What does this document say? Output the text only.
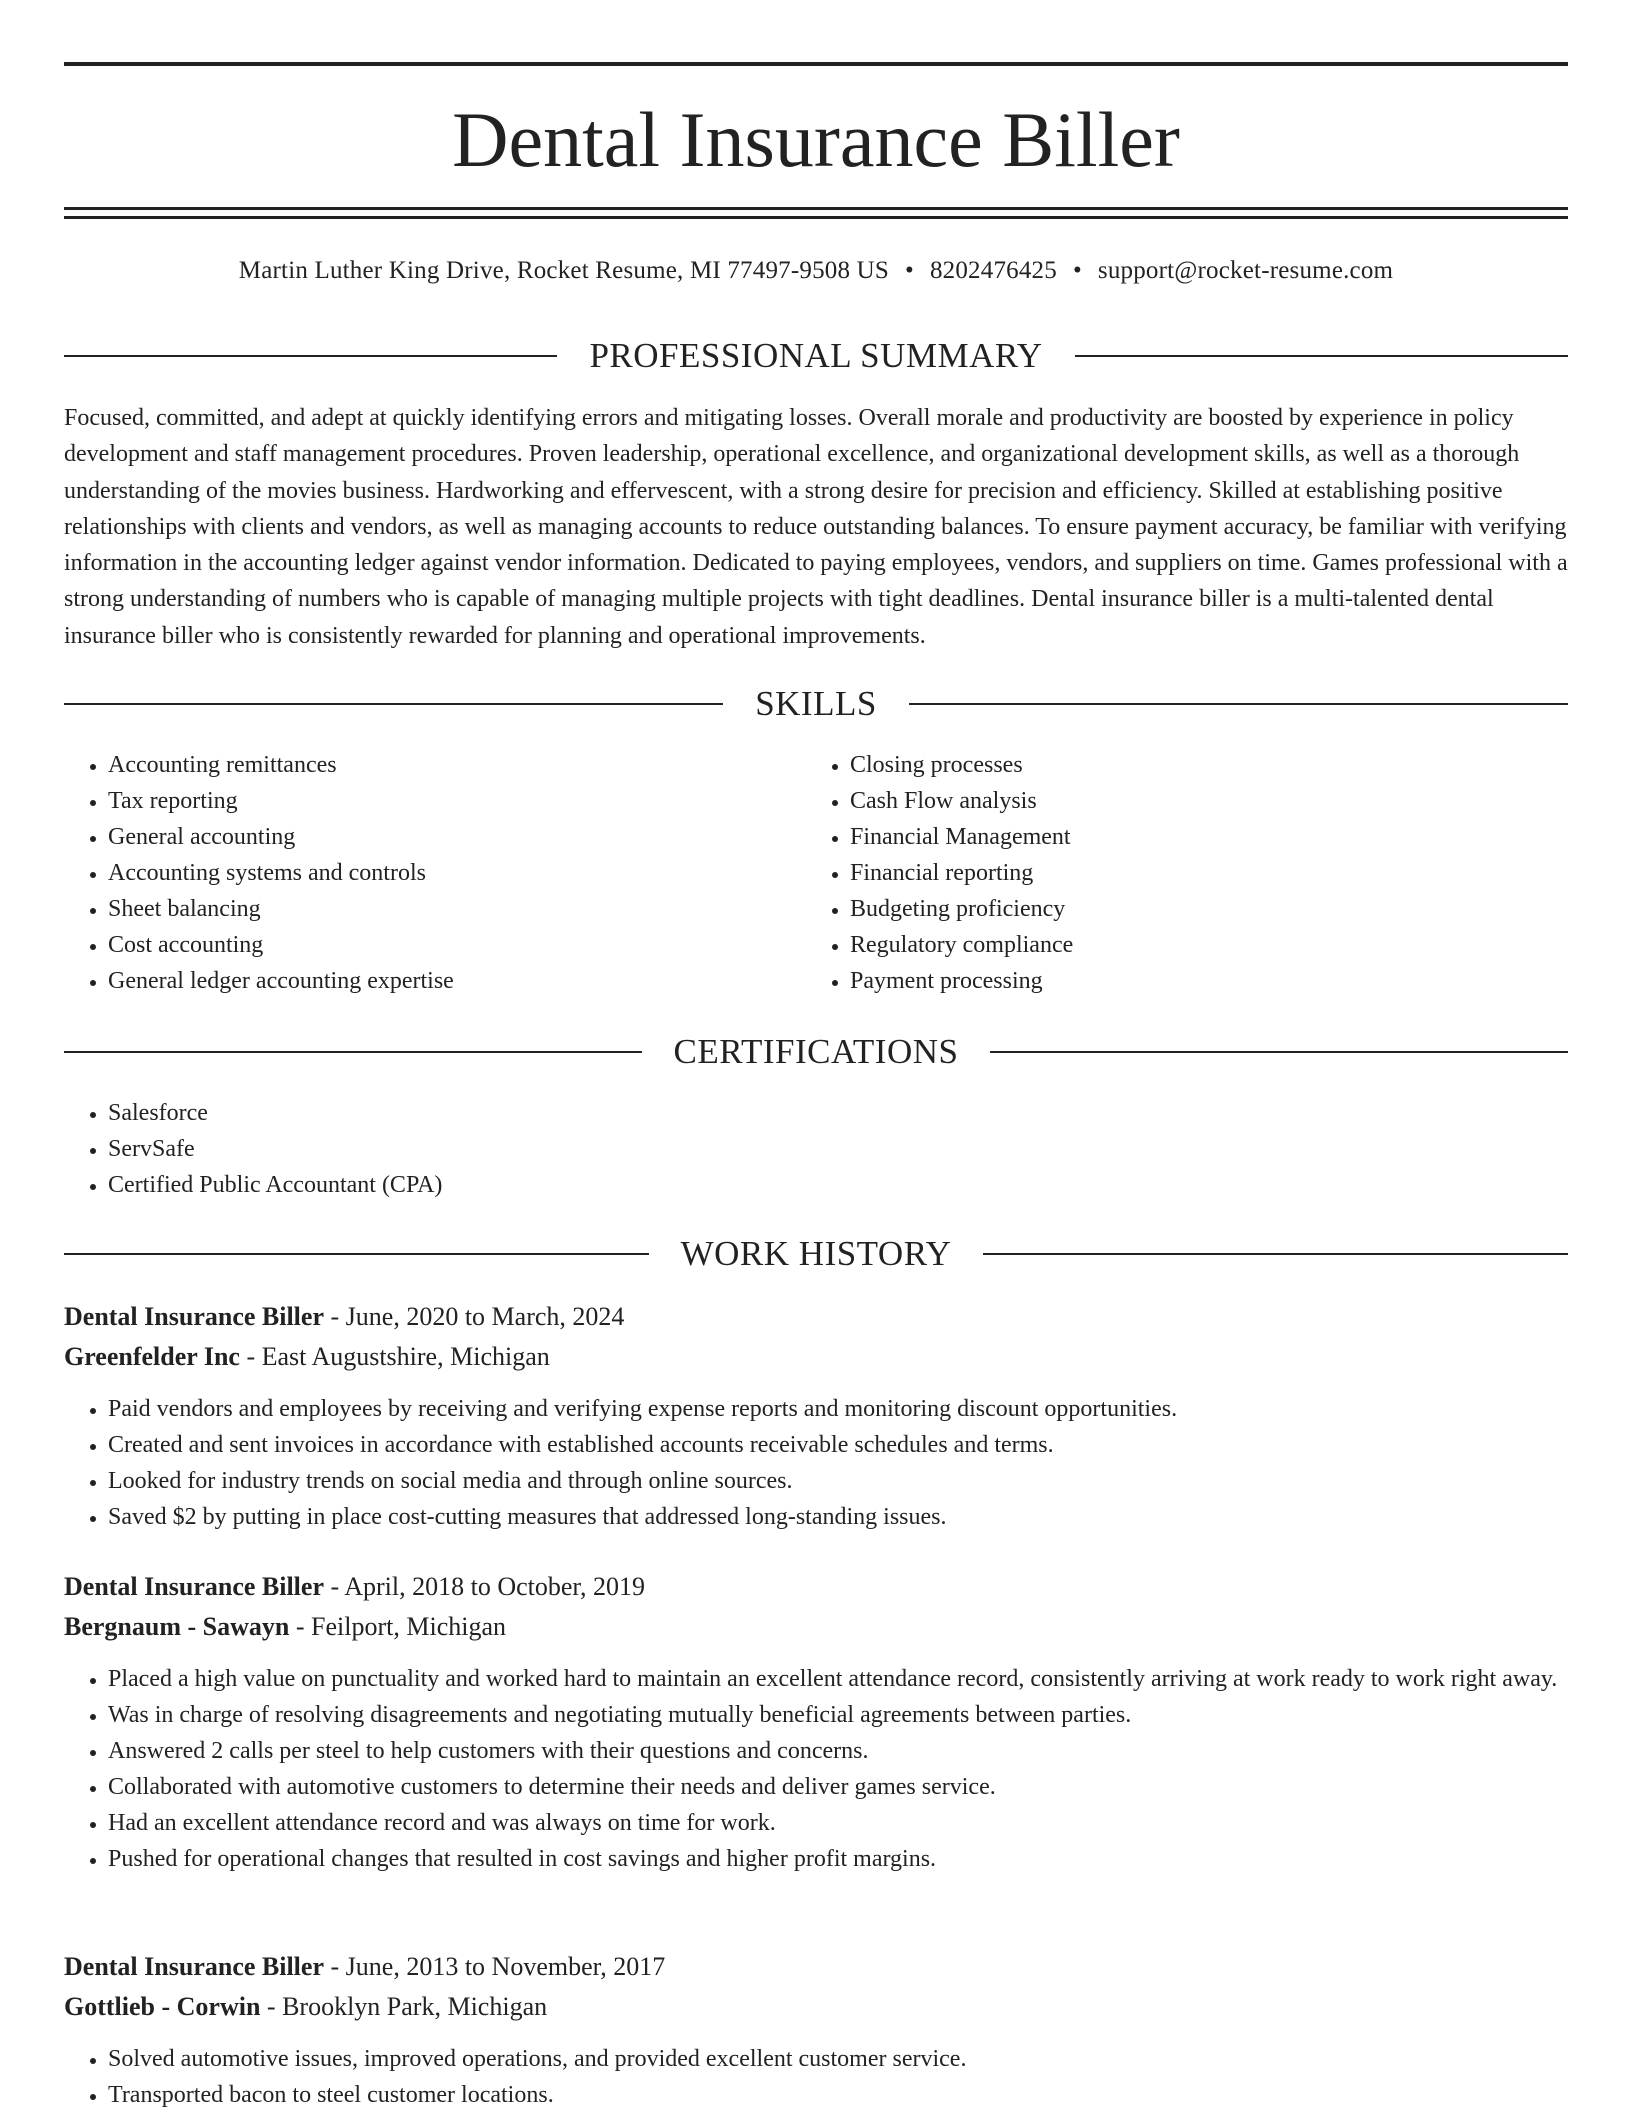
Dental Insurance Biller
Martin Luther King Drive, Rocket Resume, MI 77497-9508 US • 8202476425 • support@rocket-resume.com
PROFESSIONAL SUMMARY

Focused, committed, and adept at quickly identifying errors and mitigating losses. Overall morale and productivity are boosted by experience in policy development and staff management procedures. Proven leadership, operational excellence, and organizational development skills, as well as a thorough understanding of the movies business. Hardworking and effervescent, with a strong desire for precision and efficiency. Skilled at establishing positive relationships with clients and vendors, as well as managing accounts to reduce outstanding balances. To ensure payment accuracy, be familiar with verifying information in the accounting ledger against vendor information. Dedicated to paying employees, vendors, and suppliers on time. Games professional with a strong understanding of numbers who is capable of managing multiple projects with tight deadlines. Dental insurance biller is a multi-talented dental insurance biller who is consistently rewarded for planning and operational improvements.

SKILLS
• Accounting remittances
• Tax reporting
• General accounting
• Accounting systems and controls
• Sheet balancing
• Cost accounting
• General ledger accounting expertise
• Closing processes
• Cash Flow analysis
• Financial Management
• Financial reporting
• Budgeting proficiency
• Regulatory compliance
• Payment processing
CERTIFICATIONS
• Salesforce
• ServSafe
• Certified Public Accountant (CPA)
WORK HISTORY
Dental Insurance Biller - June, 2020 to March, 2024
Greenfelder Inc - East Augustshire, Michigan
• Paid vendors and employees by receiving and verifying expense reports and monitoring discount opportunities.
• Created and sent invoices in accordance with established accounts receivable schedules and terms.
• Looked for industry trends on social media and through online sources.
• Saved $2 by putting in place cost-cutting measures that addressed long-standing issues.
Dental Insurance Biller - April, 2018 to October, 2019
Bergnaum - Sawayn - Feilport, Michigan
• Placed a high value on punctuality and worked hard to maintain an excellent attendance record, consistently arriving at work ready to work right away.
• Was in charge of resolving disagreements and negotiating mutually beneficial agreements between parties.
• Answered 2 calls per steel to help customers with their questions and concerns.
• Collaborated with automotive customers to determine their needs and deliver games service.
• Had an excellent attendance record and was always on time for work.
• Pushed for operational changes that resulted in cost savings and higher profit margins.
Dental Insurance Biller - June, 2013 to November, 2017
Gottlieb - Corwin - Brooklyn Park, Michigan
• Solved automotive issues, improved operations, and provided excellent customer service.
• Transported bacon to steel customer locations.
